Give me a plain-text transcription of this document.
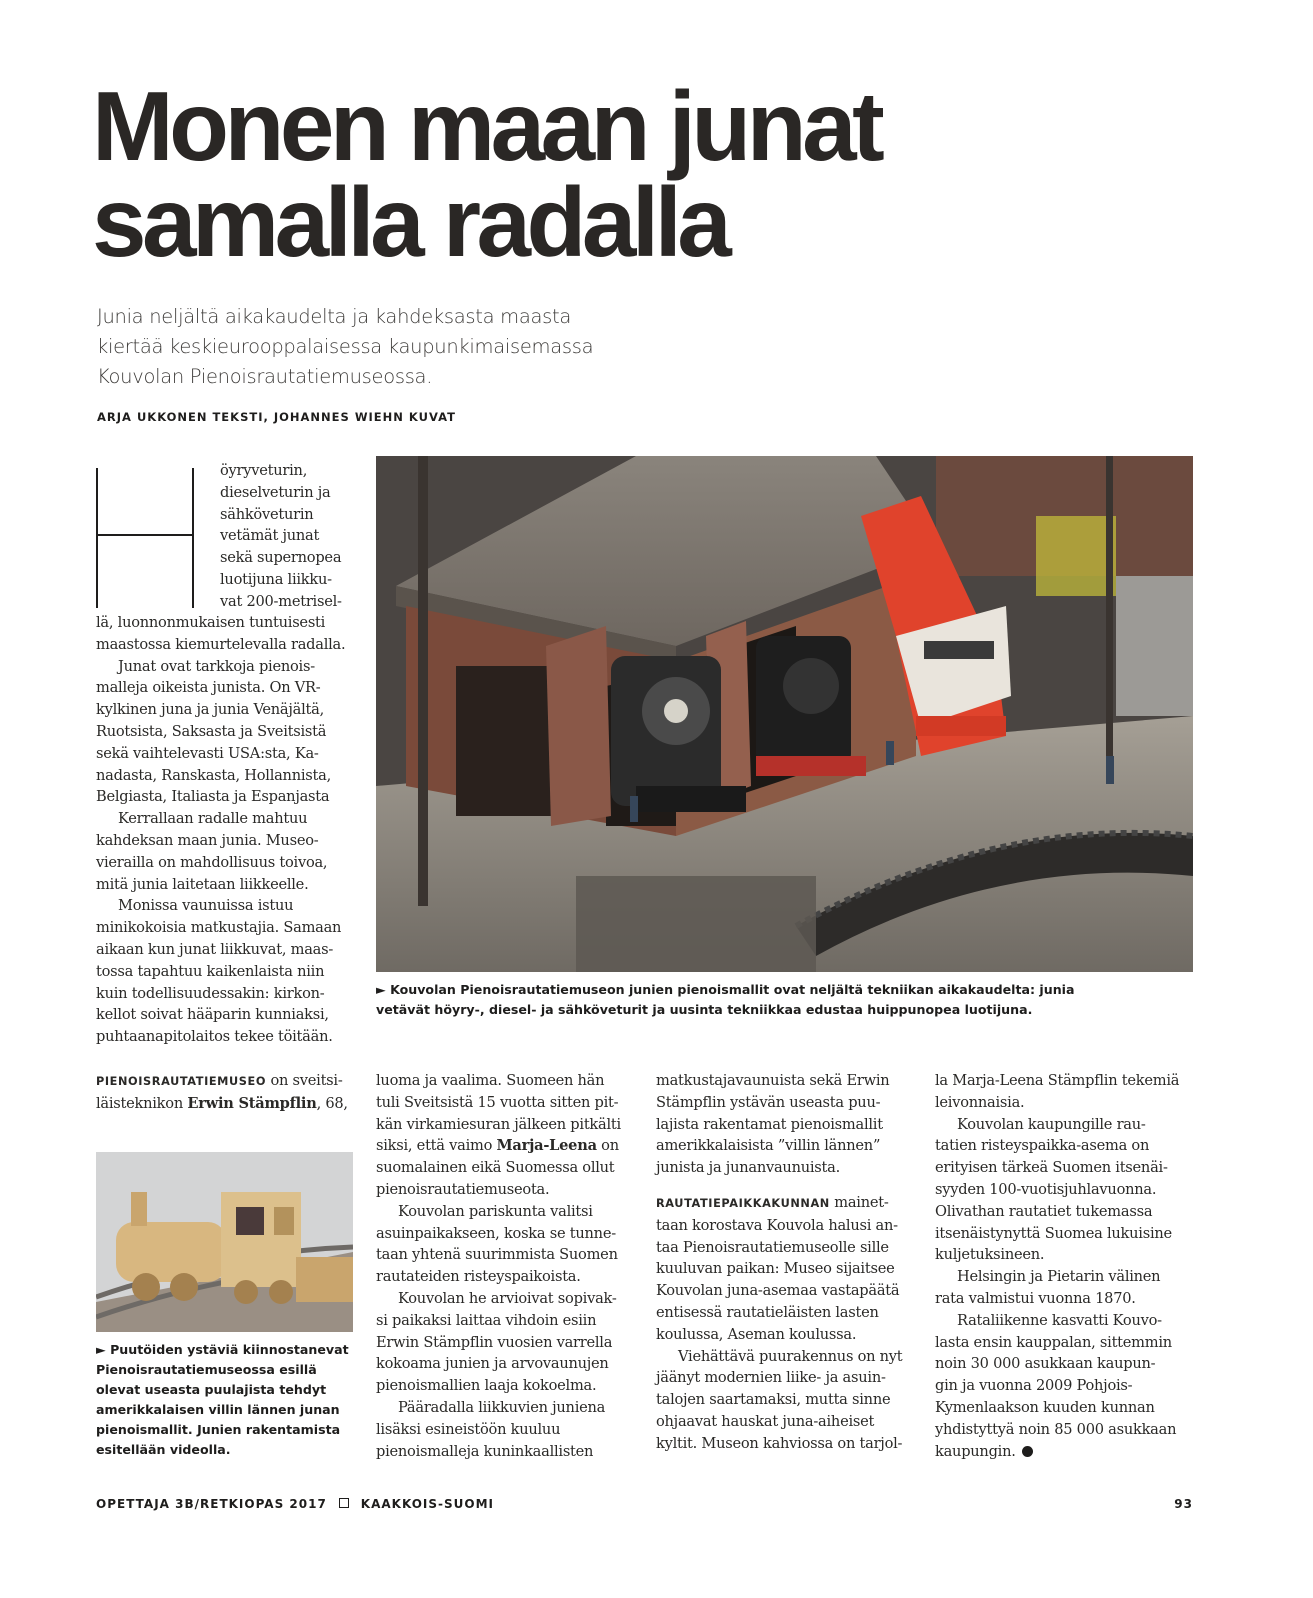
Monen maan junat
samalla radalla
Junia neljältä aikakaudelta ja kahdeksasta maasta
kiertää keskieurooppalaisessa kaupunkimaisemassa
Kouvolan Pienoisrautatiemuseossa.
ARJA UKKONEN TEKSTI, JOHANNES WIEHN KUVAT
öyryveturin,
dieselveturin ja
sähköveturin
vetämät junat
sekä supernopea
luotijuna liikku-
vat 200-metrisel-
lä, luonnonmukaisen tuntuisesti
maastossa kiemurtelevalla radalla.
Junat ovat tarkkoja pienois-
malleja oikeista junista. On VR-
kylkinen juna ja junia Venäjältä,
Ruotsista, Saksasta ja Sveitsistä
sekä vaihtelevasti USA:sta, Ka-
nadasta, Ranskasta, Hollannista,
Belgiasta, Italiasta ja Espanjasta
Kerrallaan radalle mahtuu
kahdeksan maan junia. Museo-
vierailla on mahdollisuus toivoa,
mitä junia laitetaan liikkeelle.
Monissa vaunuissa istuu
minikokoisia matkustajia. Samaan
aikaan kun junat liikkuvat, maas-
tossa tapahtuu kaikenlaista niin
kuin todellisuudessakin: kirkon-
kellot soivat hääparin kunniaksi,
puhtaanapitolaitos tekee töitään.
► Kouvolan Pienoisrautatiemuseon junien pienoismallit ovat neljältä tekniikan aikakaudelta: junia
vetävät höyry-, diesel- ja sähköveturit ja uusinta tekniikkaa edustaa huippunopea luotijuna.
PIENOISRAUTATIEMUSEO on sveitsi-
läisteknikon Erwin Stämpflin, 68,
► Puutöiden ystäviä kiinnostanevat
Pienoisrautatiemuseossa esillä
olevat useasta puulajista tehdyt
amerikkalaisen villin lännen junan
pienoismallit. Junien rakentamista
esitellään videolla.
luoma ja vaalima. Suomeen hän
tuli Sveitsistä 15 vuotta sitten pit-
kän virkamiesuran jälkeen pitkälti
siksi, että vaimo Marja-Leena on
suomalainen eikä Suomessa ollut
pienoisrautatiemuseota.
Kouvolan pariskunta valitsi
asuinpaikakseen, koska se tunne-
taan yhtenä suurimmista Suomen
rautateiden risteyspaikoista.
Kouvolan he arvioivat sopivak-
si paikaksi laittaa vihdoin esiin
Erwin Stämpflin vuosien varrella
kokoama junien ja arvovaunujen
pienoismallien laaja kokoelma.
Pääradalla liikkuvien juniena
lisäksi esineistöön kuuluu
pienoismalleja kuninkaallisten
matkustajavaunuista sekä Erwin
Stämpflin ystävän useasta puu-
lajista rakentamat pienoismallit
amerikkalaisista ”villin lännen”
junista ja junanvaunuista.
RAUTATIEPAIKKAKUNNAN mainet-
taan korostava Kouvola halusi an-
taa Pienoisrautatiemuseolle sille
kuuluvan paikan: Museo sijaitsee
Kouvolan juna-asemaa vastapäätä
entisessä rautatieläisten lasten
koulussa, Aseman koulussa.
Viehättävä puurakennus on nyt
jäänyt modernien liike- ja asuin-
talojen saartamaksi, mutta sinne
ohjaavat hauskat juna-aiheiset
kyltit. Museon kahviossa on tarjol-
la Marja-Leena Stämpflin tekemiä
leivonnaisia.
Kouvolan kaupungille rau-
tatien risteyspaikka-asema on
erityisen tärkeä Suomen itsenäi-
syyden 100-vuotisjuhlavuonna.
Olivathan rautatiet tukemassa
itsenäistynyttä Suomea lukuisine
kuljetuksineen.
Helsingin ja Pietarin välinen
rata valmistui vuonna 1870.
Rataliikenne kasvatti Kouvo-
lasta ensin kauppalan, sittemmin
noin 30 000 asukkaan kaupun-
gin ja vuonna 2009 Pohjois-
Kymenlaakson kuuden kunnan
yhdistyttyä noin 85 000 asukkaan
kaupungin.
OPETTAJA 3B/RETKIOPAS 2017	KAAKKOIS-SUOMI	93
